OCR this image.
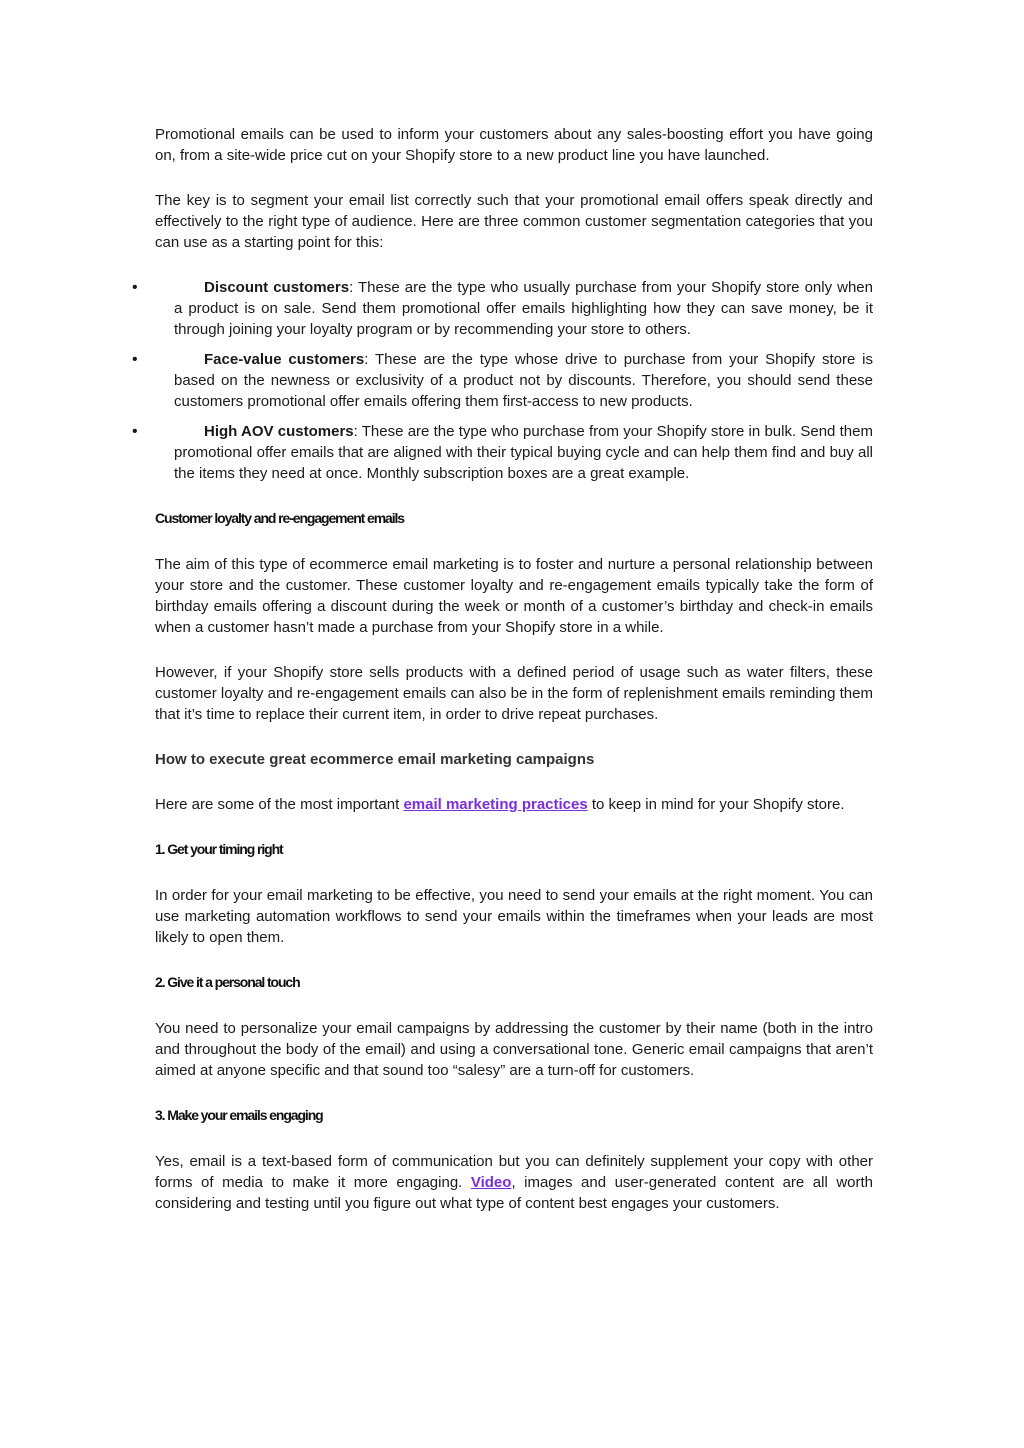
Promotional emails can be used to inform your customers about any sales-boosting effort you have going on, from a site-wide price cut on your Shopify store to a new product line you have launched.

The key is to segment your email list correctly such that your promotional email offers speak directly and effectively to the right type of audience. Here are three common customer segmentation categories that you can use as a starting point for this:

•	Discount customers: These are the type who usually purchase from your Shopify store only when a product is on sale. Send them promotional offer emails highlighting how they can save money, be it through joining your loyalty program or by recommending your store to others.
•	Face-value customers: These are the type whose drive to purchase from your Shopify store is based on the newness or exclusivity of a product not by discounts. Therefore, you should send these customers promotional offer emails offering them first-access to new products.
•	High AOV customers: These are the type who purchase from your Shopify store in bulk. Send them promotional offer emails that are aligned with their typical buying cycle and can help them find and buy all the items they need at once. Monthly subscription boxes are a great example.
Customer loyalty and re-engagement emails

The aim of this type of ecommerce email marketing is to foster and nurture a personal relationship between your store and the customer. These customer loyalty and re-engagement emails typically take the form of birthday emails offering a discount during the week or month of a customer’s birthday and check-in emails when a customer hasn’t made a purchase from your Shopify store in a while.

However, if your Shopify store sells products with a defined period of usage such as water filters, these customer loyalty and re-engagement emails can also be in the form of replenishment emails reminding them that it’s time to replace their current item, in order to drive repeat purchases.

How to execute great ecommerce email marketing campaigns

Here are some of the most important email marketing practices to keep in mind for your Shopify store.

1. Get your timing right

In order for your email marketing to be effective, you need to send your emails at the right moment. You can use marketing automation workflows to send your emails within the timeframes when your leads are most likely to open them.

2. Give it a personal touch

You need to personalize your email campaigns by addressing the customer by their name (both in the intro and throughout the body of the email) and using a conversational tone. Generic email campaigns that aren’t aimed at anyone specific and that sound too “salesy” are a turn-off for customers.

3. Make your emails engaging

Yes, email is a text-based form of communication but you can definitely supplement your copy with other forms of media to make it more engaging. Video, images and user-generated content are all worth considering and testing until you figure out what type of content best engages your customers.
